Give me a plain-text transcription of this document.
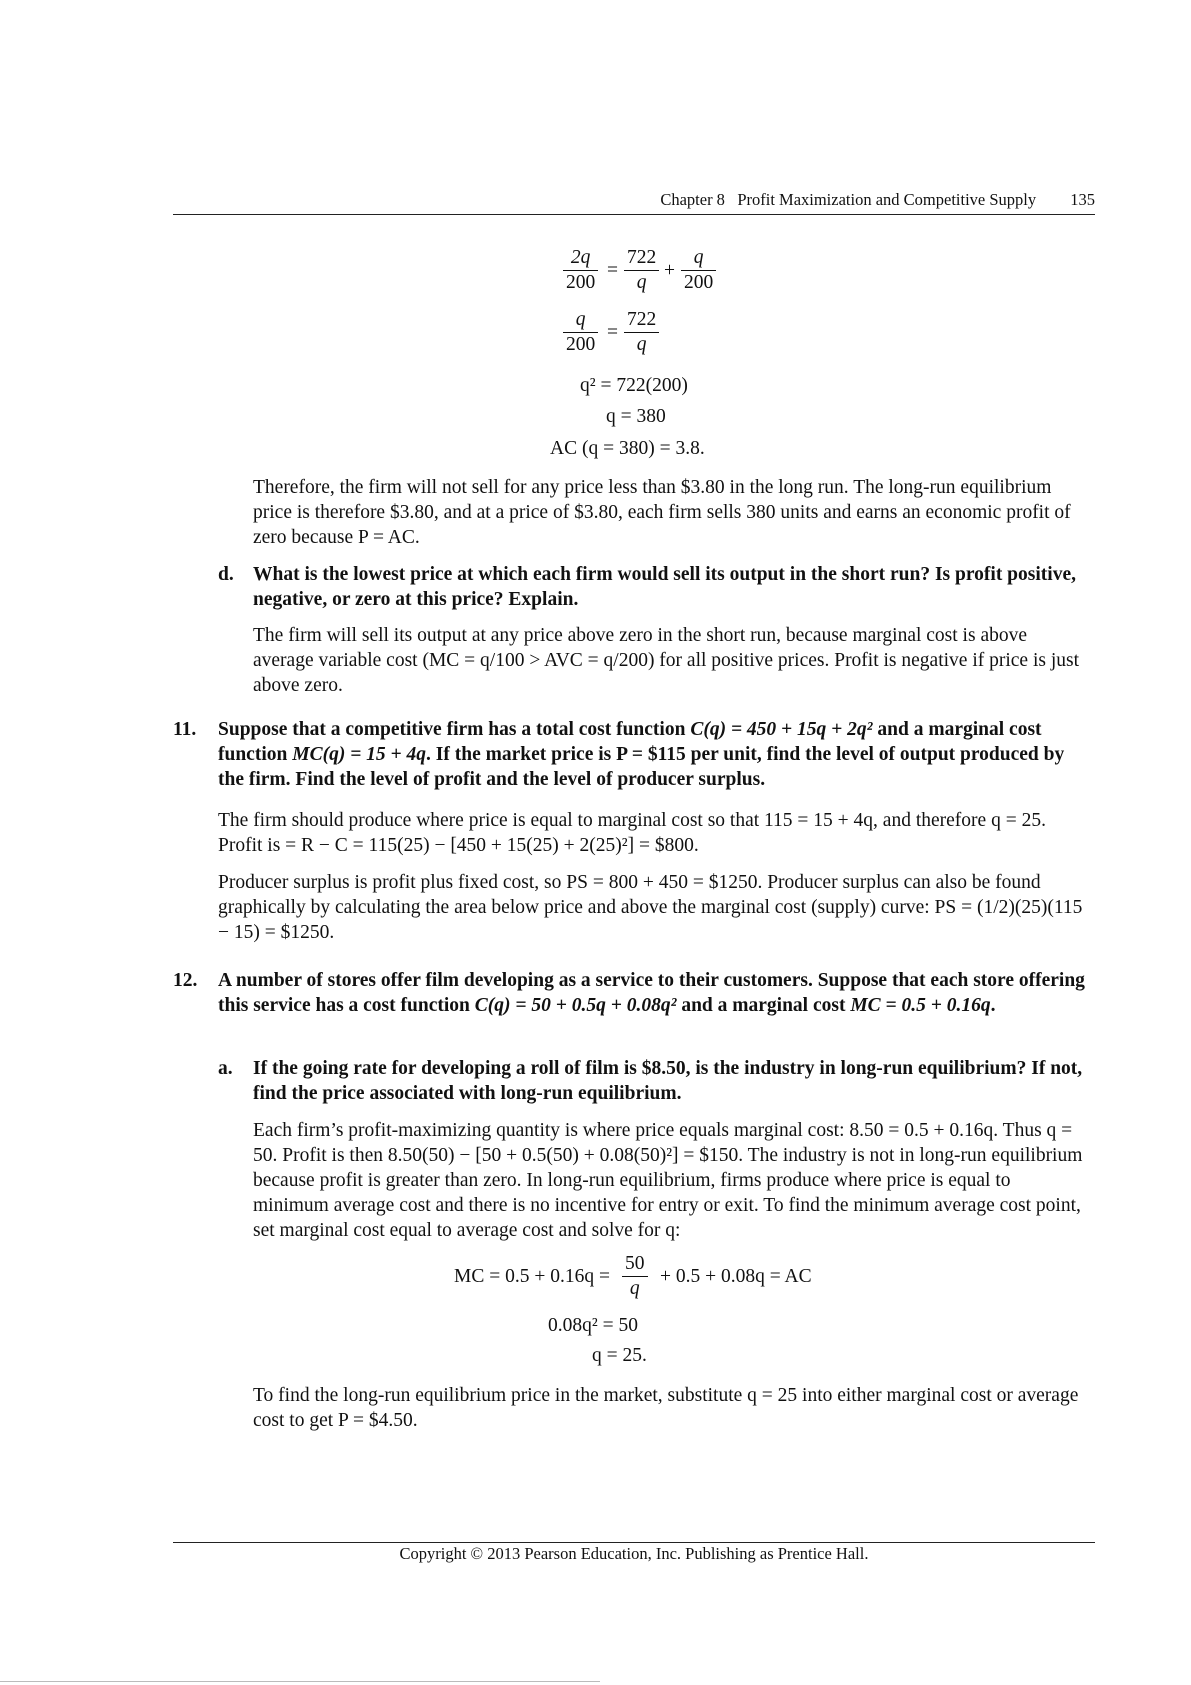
Chapter 8 Profit Maximization and Competitive Supply 135
$\frac{2q}{200} = \frac{722}{q} + \frac{q}{200}$
$\frac{q}{200} = \frac{722}{q}$
q² = 722(200)
q = 380
AC (q = 380) = 3.8.

Therefore, the firm will not sell for any price less than $3.80 in the long run. The long-run equilibrium price is therefore $3.80, and at a price of $3.80, each firm sells 380 units and earns an economic profit of zero because P = AC.

d. What is the lowest price at which each firm would sell its output in the short run? Is profit positive, negative, or zero at this price? Explain.

The firm will sell its output at any price above zero in the short run, because marginal cost is above average variable cost (MC = q/100 > AVC = q/200) for all positive prices. Profit is negative if price is just above zero.

11. Suppose that a competitive firm has a total cost function C(q) = 450 + 15q + 2q² and a marginal cost function MC(q) = 15 + 4q. If the market price is P = $115 per unit, find the level of output produced by the firm. Find the level of profit and the level of producer surplus.

The firm should produce where price is equal to marginal cost so that 115 = 15 + 4q, and therefore q = 25. Profit is = R − C = 115(25) − [450 + 15(25) + 2(25)²] = $800.

Producer surplus is profit plus fixed cost, so PS = 800 + 450 = $1250. Producer surplus can also be found graphically by calculating the area below price and above the marginal cost (supply) curve: PS = (1/2)(25)(115 − 15) = $1250.

12. A number of stores offer film developing as a service to their customers. Suppose that each store offering this service has a cost function C(q) = 50 + 0.5q + 0.08q² and a marginal cost MC = 0.5 + 0.16q.

a. If the going rate for developing a roll of film is $8.50, is the industry in long-run equilibrium? If not, find the price associated with long-run equilibrium.

Each firm’s profit-maximizing quantity is where price equals marginal cost: 8.50 = 0.5 + 0.16q. Thus q = 50. Profit is then 8.50(50) − [50 + 0.5(50) + 0.08(50)²] = $150. The industry is not in long-run equilibrium because profit is greater than zero. In long-run equilibrium, firms produce where price is equal to minimum average cost and there is no incentive for entry or exit. To find the minimum average cost point, set marginal cost equal to average cost and solve for q:

MC = $0.5 + 0.16q = \frac{50}{q} + 0.5 + 0.08q$ = AC
0.08q² = 50
q = 25.

To find the long-run equilibrium price in the market, substitute q = 25 into either marginal cost or average cost to get P = $4.50.

Copyright © 2013 Pearson Education, Inc. Publishing as Prentice Hall.
